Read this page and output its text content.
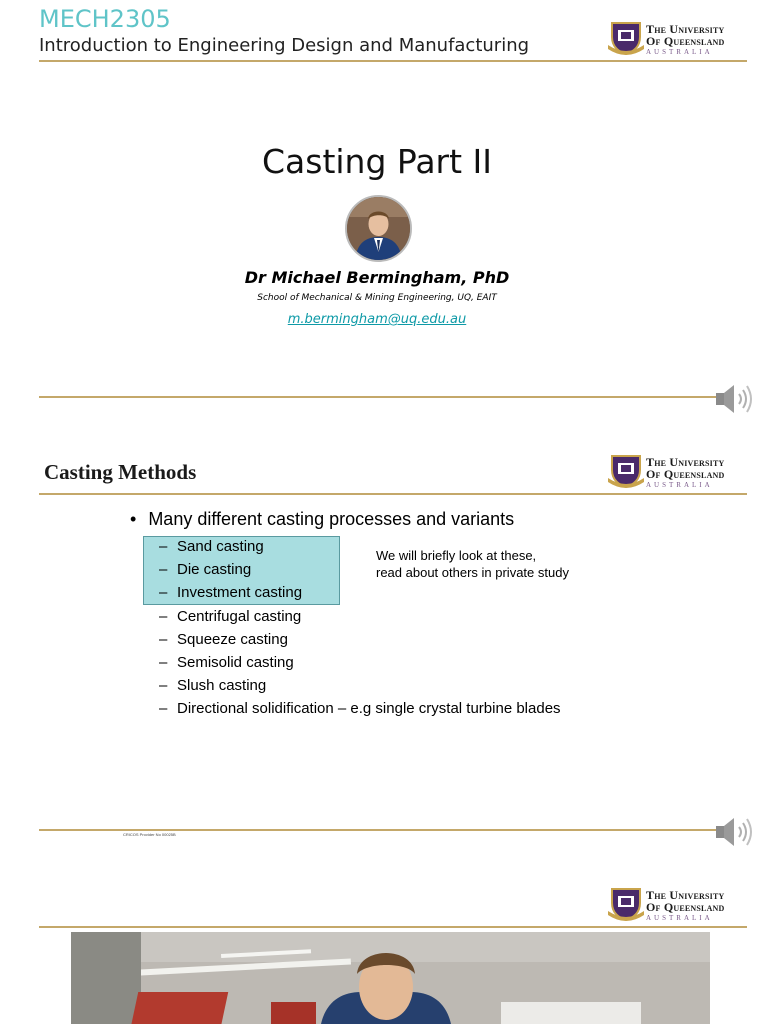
MECH2305
Introduction to Engineering Design and Manufacturing
The University
Of Queensland
AUSTRALIA
Casting Part II
Dr Michael Bermingham, PhD
School of Mechanical & Mining Engineering, UQ, EAIT
m.bermingham@uq.edu.au
Casting Methods	The University
Of Queensland
AUSTRALIA
• Many different casting processes and variants
– Sand casting
– Die casting
– Investment casting
– Centrifugal casting
– Squeeze casting
– Semisolid casting
– Slush casting
– Directional solidification – e.g single crystal turbine blades
We will briefly look at these,
read about others in private study
CRICOS Provider No 00025B
The University
Of Queensland
AUSTRALIA
